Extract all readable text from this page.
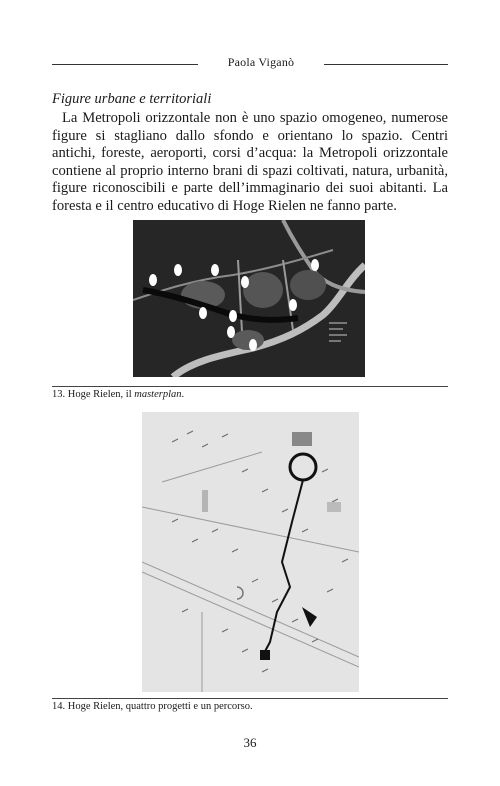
Paola Viganò
Figure urbane e territoriali

La Metropoli orizzontale non è uno spazio omogeneo, numerose figure si stagliano dallo sfondo e orientano lo spazio. Centri antichi, foreste, aeroporti, corsi d’acqua: la Metropoli orizzontale contiene al proprio interno brani di spazi coltivati, natura, urbanità, figure riconoscibili e parte dell’immaginario dei suoi abitanti. La foresta e il centro educativo di Hoge Rielen ne fanno parte.

13. Hoge Rielen, il masterplan.
14. Hoge Rielen, quattro progetti e un percorso.
36
